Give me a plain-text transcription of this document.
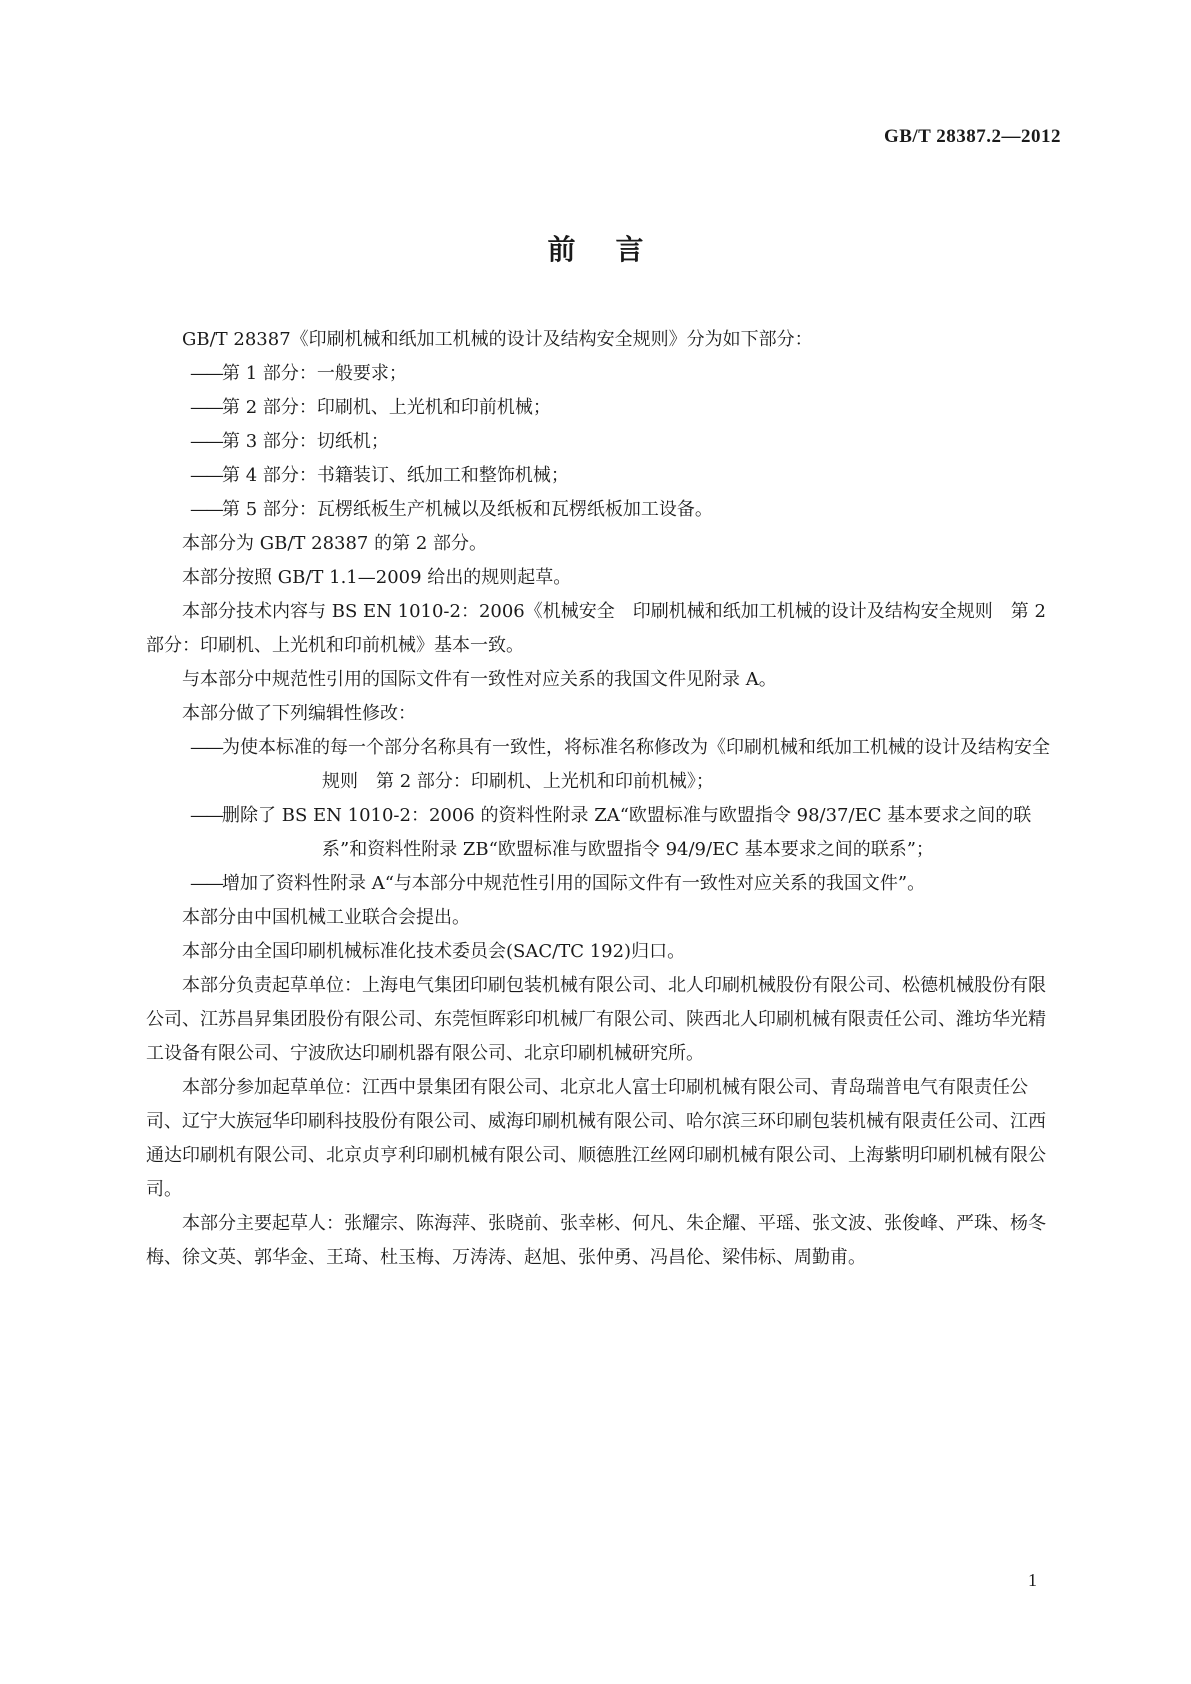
GB/T 28387.2—2012
前言

GB/T 28387《印刷机械和纸加工机械的设计及结构安全规则》分为如下部分：

——第 1 部分：一般要求；

——第 2 部分：印刷机、上光机和印前机械；

——第 3 部分：切纸机；

——第 4 部分：书籍装订、纸加工和整饰机械；

——第 5 部分：瓦楞纸板生产机械以及纸板和瓦楞纸板加工设备。

本部分为 GB/T 28387 的第 2 部分。

本部分按照 GB/T 1.1—2009 给出的规则起草。

本部分技术内容与 BS EN 1010-2：2006《机械安全　印刷机械和纸加工机械的设计及结构安全规则　第 2 部分：印刷机、上光机和印前机械》基本一致。

与本部分中规范性引用的国际文件有一致性对应关系的我国文件见附录 A。

本部分做了下列编辑性修改：

——为使本标准的每一个部分名称具有一致性，将标准名称修改为《印刷机械和纸加工机械的设计及结构安全规则　第 2 部分：印刷机、上光机和印前机械》；

——删除了 BS EN 1010-2：2006 的资料性附录 ZA“欧盟标准与欧盟指令 98/37/EC 基本要求之间的联系”和资料性附录 ZB“欧盟标准与欧盟指令 94/9/EC 基本要求之间的联系”；

——增加了资料性附录 A“与本部分中规范性引用的国际文件有一致性对应关系的我国文件”。

本部分由中国机械工业联合会提出。

本部分由全国印刷机械标准化技术委员会(SAC/TC 192)归口。

本部分负责起草单位：上海电气集团印刷包装机械有限公司、北人印刷机械股份有限公司、松德机械股份有限公司、江苏昌昇集团股份有限公司、东莞恒晖彩印机械厂有限公司、陕西北人印刷机械有限责任公司、潍坊华光精工设备有限公司、宁波欣达印刷机器有限公司、北京印刷机械研究所。

本部分参加起草单位：江西中景集团有限公司、北京北人富士印刷机械有限公司、青岛瑞普电气有限责任公司、辽宁大族冠华印刷科技股份有限公司、威海印刷机械有限公司、哈尔滨三环印刷包装机械有限责任公司、江西通达印刷机有限公司、北京贞亨利印刷机械有限公司、顺德胜江丝网印刷机械有限公司、上海紫明印刷机械有限公司。

本部分主要起草人：张耀宗、陈海萍、张晓前、张幸彬、何凡、朱企耀、平瑶、张文波、张俊峰、严珠、杨冬梅、徐文英、郭华金、王琦、杜玉梅、万涛涛、赵旭、张仲勇、冯昌伦、梁伟标、周勤甫。

1
